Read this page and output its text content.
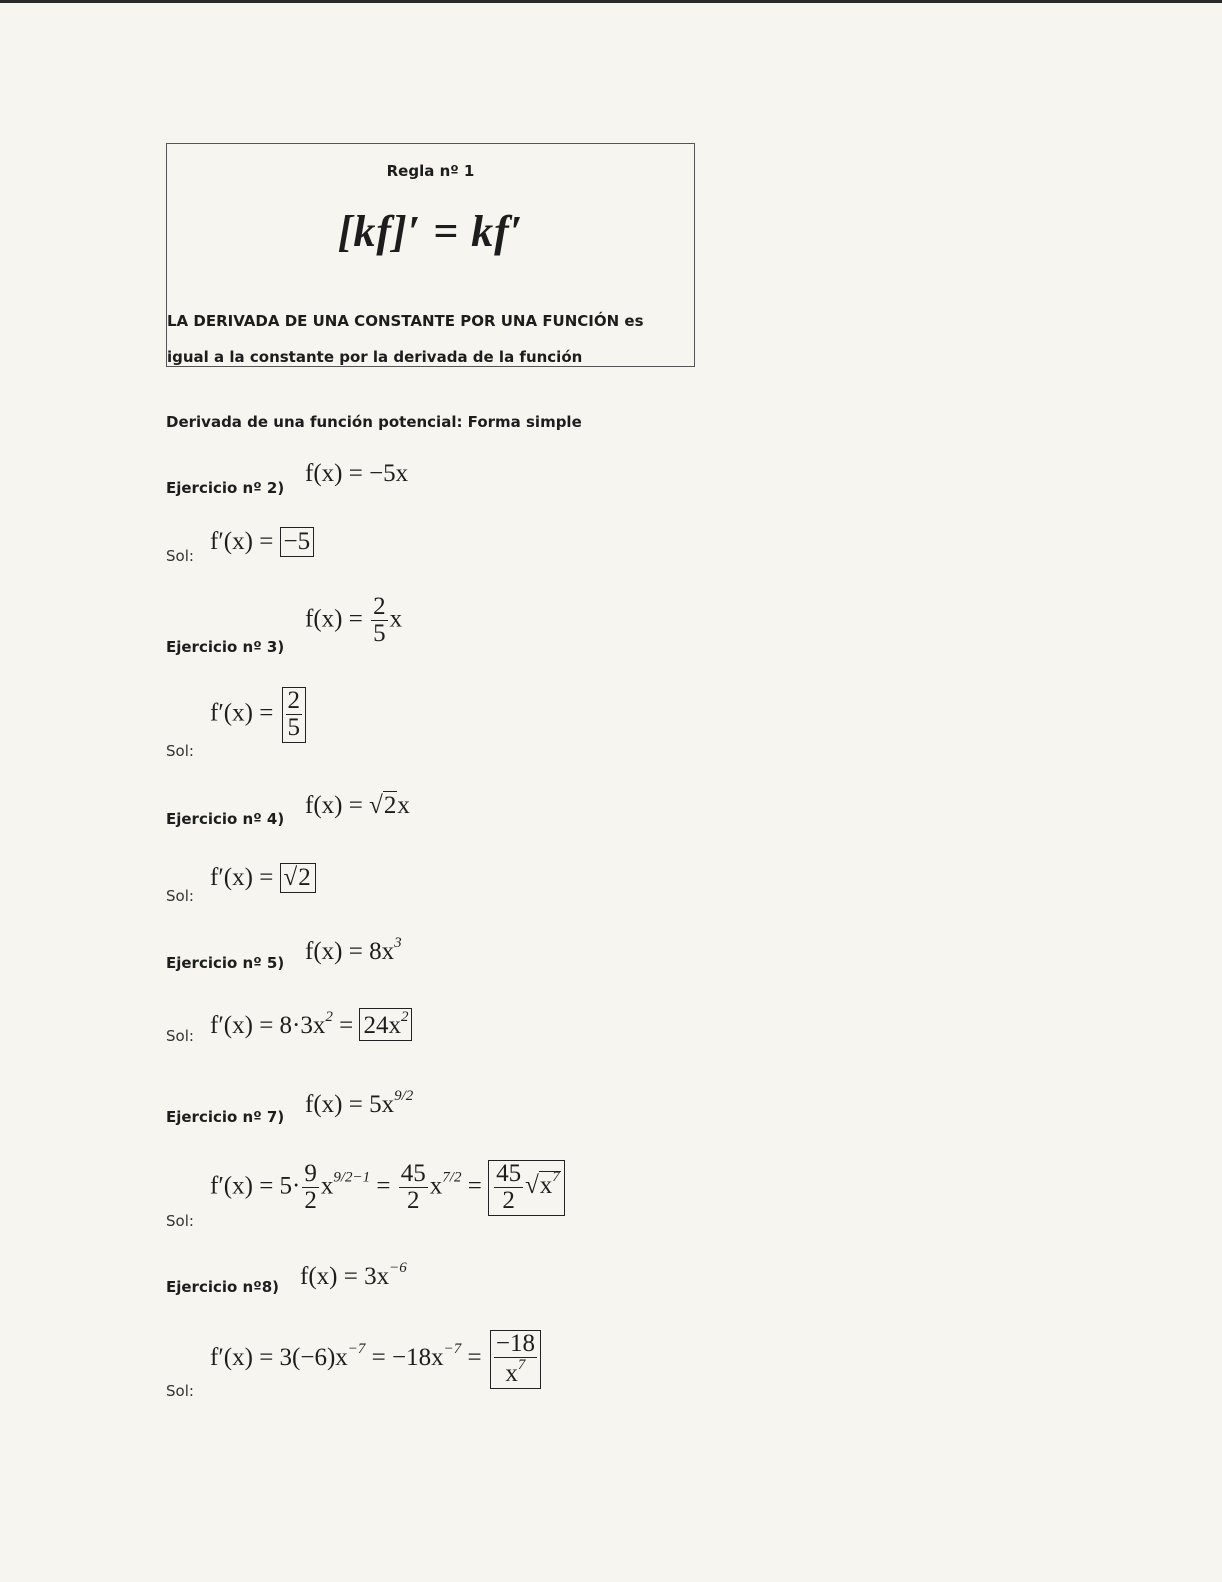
Regla nº 1
[kf]′ = kf′
LA DERIVADA DE UNA CONSTANTE POR UNA FUNCIÓN es
igual a la constante por la derivada de la función
Derivada de una función potencial: Forma simple
Ejercicio nº 2)
f(x) = −5x
Sol:
f′(x) = −5
$f(x) = \frac{2}{5}$ x
Ejercicio nº 3)
$f'(x) = \frac{2}{5}$
Sol:
f(x) = √2x
Ejercicio nº 4)
f′(x) = √2
Sol:
$f(x) = 8x^3$
Ejercicio nº 5)
$f'(x) = 8\cdot 3x^2 = 24x^2$
Sol:
$f(x) = 5x^{9/2}$
Ejercicio nº 7)
$f'(x) = 5\cdot \frac{9}{2} x^{9/2-1} = \frac{45}{2} x^{7/2} = \frac{45}{2} √x^7$
Sol:
$f(x) = 3x^{-6}$
Ejercicio nº8)
$f'(x) = 3(-6)x^{-7} = -18x^{-7} = \frac{-18}{x^7}$
Sol:
